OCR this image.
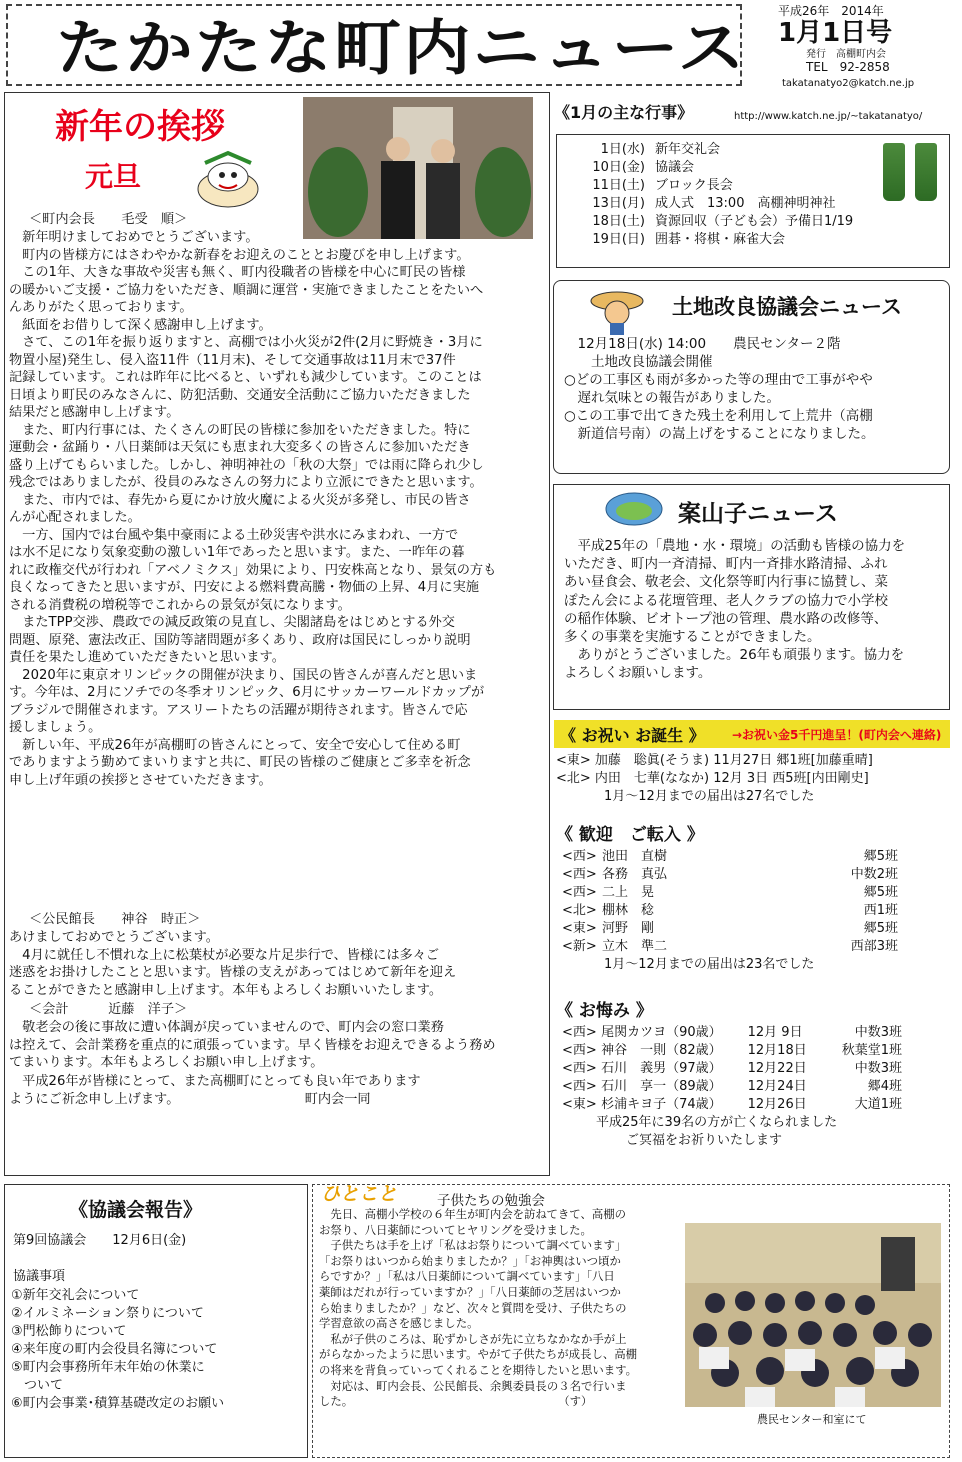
たかたな町内ニュース
平成26年　2014年
1月1日号
発行　高棚町内会
TEL　92-2858
takatanatyo2@katch.ne.jp
http://www.katch.ne.jp/~takatanatyo/
新年の挨拶
元旦
＜町内会長　　毛受　順＞
　新年明けましておめでとうございます。
　町内の皆様方にはさわやかな新春をお迎えのこととお慶びを申し上げます。
　この1年、大きな事故や災害も無く、町内役職者の皆様を中心に町民の皆様
の暖かいご支援・ご協力をいただき、順調に運営・実施できましたことをたいへ
んありがたく思っております。
　紙面をお借りして深く感謝申し上げます。
　さて、この1年を振り返りますと、高棚では小火災が2件(2月に野焼き・3月に
物置小屋)発生し、侵入盗11件（11月末)、そして交通事故は11月末で37件
記録しています。これは昨年に比べると、いずれも減少しています。このことは
日頃より町民のみなさんに、防犯活動、交通安全活動にご協力いただきました
結果だと感謝申し上げます。
　また、町内行事には、たくさんの町民の皆様に参加をいただきました。特に
運動会・盆踊り・八日薬師は天気にも恵まれ大変多くの皆さんに参加いただき
盛り上げてもらいました。しかし、神明神社の「秋の大祭」では雨に降られ少し
残念ではありましたが、役員のみなさんの努力により立派にできたと思います。
　また、市内では、春先から夏にかけ放火魔による火災が多発し、市民の皆さ
んが心配されました。
　一方、国内では台風や集中豪雨による土砂災害や洪水にみまわれ、一方で
は水不足になり気象変動の激しい1年であったと思います。また、一昨年の暮
れに政権交代が行われ「アベノミクス」効果により、円安株高となり、景気の方も
良くなってきたと思いますが、円安による燃料費高騰・物価の上昇、4月に実施
される消費税の増税等でこれからの景気が気になります。
　またTPP交渉、農政での減反政策の見直し、尖閣諸島をはじめとする外交
問題、原発、憲法改正、国防等諸問題が多くあり、政府は国民にしっかり説明
責任を果たし進めていただきたいと思います。
　2020年に東京オリンピックの開催が決まり、国民の皆さんが喜んだと思いま
す。今年は、2月にソチでの冬季オリンピック、6月にサッカーワールドカップが
ブラジルで開催されます。アスリートたちの活躍が期待されます。皆さんで応
援しましょう。
　新しい年、平成26年が高棚町の皆さんにとって、安全で安心して住める町
でありますよう勤めてまいりますと共に、町民の皆様のご健康とご多幸を祈念
申し上げ年頭の挨拶とさせていただきます。
＜公民館長　　神谷　時正＞
あけましておめでとうございます。
　4月に就任し不慣れな上に松葉杖が必要な片足歩行で、皆様には多々ご
迷惑をお掛けしたことと思います。皆様の支えがあってはじめて新年を迎え
ることができたと感謝申し上げます。本年もよろしくお願いいたします。
＜会計　　　近藤　洋子＞
　敬老会の後に事故に遭い体調が戻っていませんので、町内会の窓口業務
は控えて、会計業務を重点的に頑張っています。早く皆様をお迎えできるよう務め
てまいります。本年もよろしくお願い申し上げます。
　平成26年が皆様にとって、また高棚町にとっても良い年であります
ようにご祈念申し上げます。　　　　　　　　　　町内会一同
《1月の主な行事》
1日(水) 新年交礼会
10日(金) 協議会
11日(土) ブロック長会
13日(月) 成人式　13:00　高棚神明神社
18日(土) 資源回収（子ども会）予備日1/19
19日(日) 囲碁・将棋・麻雀大会
土地改良協議会ニュース
　12月18日(水) 14:00　　農民センター２階
　　土地改良協議会開催
○どの工事区も雨が多かった等の理由で工事がやや
　遅れ気味との報告がありました。
○この工事で出てきた残土を利用して上荒井（高棚
　新道信号南）の嵩上げをすることになりました。
案山子ニュース
　平成25年の「農地・水・環境」の活動も皆様の協力を
いただき、町内一斉清掃、町内一斉排水路清掃、ふれ
あい昼食会、敬老会、文化祭等町内行事に協賛し、菜
ぽたん会による花壇管理、老人クラブの協力で小学校
の稲作体験、ビオトープ池の管理、農水路の改修等、
多くの事業を実施することができました。
　ありがとうございました。26年も頑張ります。協力を
よろしくお願いします。
《 お祝い お誕生 》 →お祝い金5千円進呈！(町内会へ連絡)
<東> 加藤　聡眞(そうま) 11月27日 郷1班[加藤重晴]
<北> 内田　七華(ななか) 12月 3日 西5班[内田剛史]
1月～12月までの届出は27名でした
《 歓迎　ご転入 》
<西> 池田　直樹	郷5班
<西> 各務　真弘	中数2班
<西> 二上　晃	郷5班
<北> 棚林　稔	西1班
<東> 河野　剛	郷5班
<新> 立木　準二	西部3班
1月～12月までの届出は23名でした
《 お悔み 》
<西> 尾関カツヨ（90歳）	12月 9日	中数3班
<西> 神谷　一則（82歳）	12月18日	秋葉堂1班
<西> 石川　義男（97歳）	12月22日	中数3班
<西> 石川　享一（89歳）	12月24日	郷4班
<東> 杉浦キヨ子（74歳）	12月26日	大道1班
平成25年に39名の方が亡くなられました
ご冥福をお祈りいたします
《協議会報告》
第9回協議会　　12月6日(金)
協議事項
①新年交礼会について
②イルミネーション祭りについて
③門松飾りについて
④来年度の町内会役員名簿について
⑤町内会事務所年末年始の休業に
　ついて
⑥町内会事業･積算基礎改定のお願い
ひとこと	子供たちの勉強会
　先日、高棚小学校の６年生が町内会を訪ねてきて、高棚の
お祭り、八日薬師についてヒヤリングを受けました。
　子供たちは手を上げ「私はお祭りについて調べています」
「お祭りはいつから始まりましたか？」「お神輿はいつ頃か
らですか？」「私は八日薬師について調べています」「八日
薬師はだれが行っていますか？」「八日薬師の芝居はいつか
ら始まりましたか？」など、次々と質問を受け、子供たちの
学習意欲の高さを感じました。
　私が子供のころは、恥ずかしさが先に立ちなかなか手が上
がらなかったように思います。やがて子供たちが成長し、高棚
の将来を背負っていってくれることを期待したいと思います。
　対応は、町内会長、公民館長、余興委員長の３名で行いま
した。　　　　　　　　　　　　　　　　　　　（す）
農民センター和室にて
